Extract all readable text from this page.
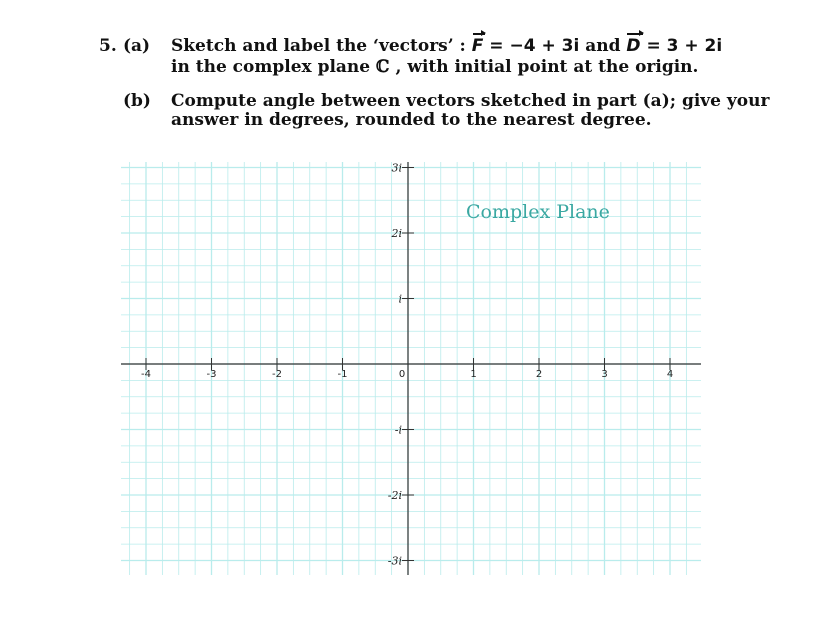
5. (a) Sketch and label the ‘vectors’ : F = −4 + 3i and D = 3 + 2i
in the complex plane ℂ , with initial point at the origin.
(b) Compute angle between vectors sketched in part (a); give your
answer in degrees, rounded to the nearest degree.
-4	-3	-2	-1	1	2	3	4
0
3i
2i
i
-i
-2i
-3i
Complex Plane
